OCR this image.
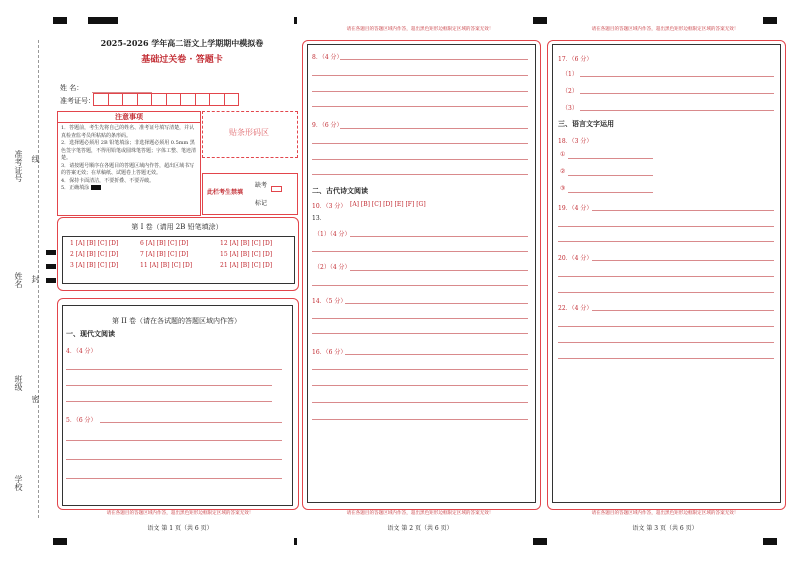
准考证号 线
姓名 封
班级
密
学校
2025-2026 学年高二语文上学期期中模拟卷
基础过关卷 · 答题卡
姓 名：
准考证号：
注意事项
1．答题前，考生先将自己的姓名、准考证号填写清楚，并认真检查监考员所粘贴的条形码。
2．选择题必须用 2B 铅笔填涂；非选择题必须用 0.5mm 黑色签字笔答题，不得用铅笔或圆珠笔答题；字体工整、笔迹清楚。
3．请按题号顺序在各题目的答题区域内作答，超出区域书写的答案无效；在草稿纸、试题卷上答题无效。
4．保持卡面清洁，不要折叠、不要弄破。
5．正确填涂
贴条形码区
此栏考生禁填
缺考
标记
第 I 卷（请用 2B 铅笔填涂）
1 [A] [B] [C] [D]	6 [A] [B] [C] [D]	12 [A] [B] [C] [D]
2 [A] [B] [C] [D]	7 [A] [B] [C] [D]	15 [A] [B] [C] [D]
3 [A] [B] [C] [D]	11 [A] [B] [C] [D]	21 [A] [B] [C] [D]
第 II 卷（请在各试题的答题区域内作答）
一、现代文阅读
4．（4 分）
5．（6 分）
请在各题目的答题区域内作答，超出黑色矩形边框限定区域的答案无效！
语文 第 1 页（共 6 页）
请在各题目的答题区域内作答，超出黑色矩形边框限定区域的答案无效！
8．（4 分）
9．（6 分）
二、古代诗文阅读
10．（3 分） [A] [B] [C] [D] [E] [F] [G]
13．
（1）（4 分）
（2）（4 分）
14．（5 分）
16．（6 分）
请在各题目的答题区域内作答，超出黑色矩形边框限定区域的答案无效！
语文 第 2 页（共 6 页）
请在各题目的答题区域内作答，超出黑色矩形边框限定区域的答案无效！
17．（6 分）
（1）
（2）
（3）
三、语言文字运用
18．（3 分）
①
②
③
19．（4 分）
20．（4 分）
22．（4 分）
请在各题目的答题区域内作答，超出黑色矩形边框限定区域的答案无效！
语文 第 3 页（共 6 页）
